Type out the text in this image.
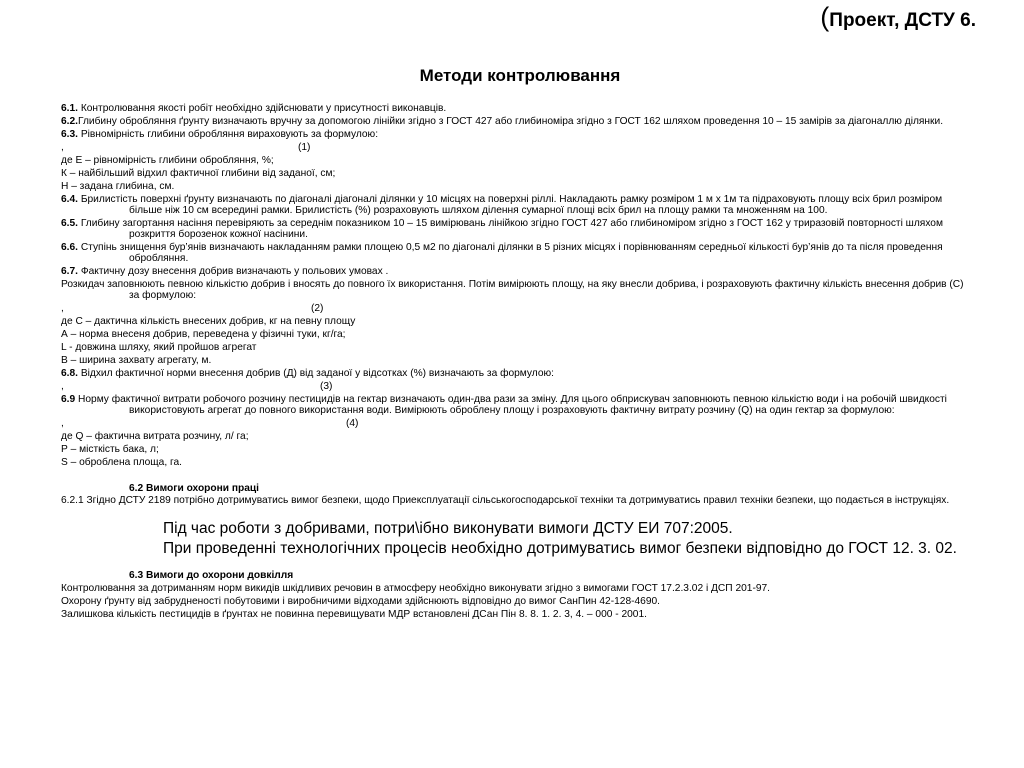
(Проект, ДСТУ 6.
Методи контролювання
6.1. Контролювання якості робіт необхідно здійснювати у присутності виконавців.
6.2.Глибину обробляння ґрунту визначають вручну за допомогою лінійки згідно з ГОСТ 427 або глибиноміра згідно з ГОСТ 162 шляхом проведення 10 – 15 замірів за діагоналлю ділянки.
6.3. Рівномірність глибини обробляння вираховують за формулою:
,	(1)
де Е – рівномірність глибини обробляння, %;
К – найбільший відхил фактичної глибини від заданої, см;
Н – задана глибина, см.
6.4. Брилистість поверхні ґрунту визначають по діагоналі діагоналі ділянки у 10 місцях на поверхні ріллі. Накладають рамку розміром 1 м х 1м та підраховують площу всіх брил розміром більше ніж 10 см всередині рамки. Брилистість (%) розраховують шляхом ділення сумарної площі всіх брил на площу рамки та множенням на 100.
6.5. Глибину загортання насіння перевіряють за середнім показником 10 – 15 вимірювань лінійкою згідно ГОСТ 427 або глибиноміром згідно з ГОСТ 162 у триразовій повторності шляхом розкриття борозенок кожної насінини.
6.6. Ступінь знищення бур’янів визначають накладанням рамки площею 0,5 м2 по діагоналі ділянки в 5 різних місцях і порівнюванням середньої кількості бур’янів до та після проведення обробляння.
6.7. Фактичну дозу внесення добрив визначають у польових умовах .
Розкидач заповнюють певною кількістю добрив і вносять до повного їх використання. Потім вимірюють площу, на яку внесли добрива, і розраховують фактичну кількість внесення добрив (С) за формулою:
,	(2)
де С – дактична кількість внесених добрив, кг на певну площу
А – норма внесеня добрив, переведена у фізичні туки, кг/га;
L - довжина шляху, який пройшов агрегат
В – ширина захвату агрегату, м.
6.8. Відхил фактичної норми внесення добрив (Д) від заданої у відсотках (%) визначають за формулою:
,	(3)
6.9 Норму фактичної витрати робочого розчину пестицидів на гектар визначають один-два рази за зміну. Для цього обприскувач заповнюють певною кількістю води і на робочій швидкості використовують агрегат до повного використання води. Вимірюють оброблену площу і розраховують фактичну витрату розчину (Q) на один гектар за формулою:
,	(4)
де Q – фактична витрата розчину, л/ га;
Р – місткість бака, л;
S – оброблена площа, га.
6.2 Вимоги охорони праці
6.2.1 Згідно ДСТУ 2189 потрібно дотримуватись вимог безпеки, щодо Приексплуатації сільськогосподарської техніки та дотримуватись правил техніки безпеки, що подається в інструкціях.
Під час роботи з добривами, потри\ібно виконувати вимоги ДСТУ ЕИ 707:2005.
При проведенні технологічних процесів необхідно дотримуватись вимог безпеки відповідно до ГОСТ 12. 3. 02.
6.3 Вимоги до охорони довкілля
Контролювання за дотриманням норм викидів шкідливих речовин в атмосферу необхідно виконувати згідно з вимогами ГОСТ 17.2.3.02 і ДСП 201-97.
Охорону ґрунту від забрудненості побутовими і виробничими відходами здійснюють відповідно до вимог СанПин 42-128-4690.
Залишкова кількість пестицидів в ґрунтах не повинна перевищувати МДР встановлені ДСан Пін 8. 8. 1. 2. 3, 4. – 000 - 2001.
